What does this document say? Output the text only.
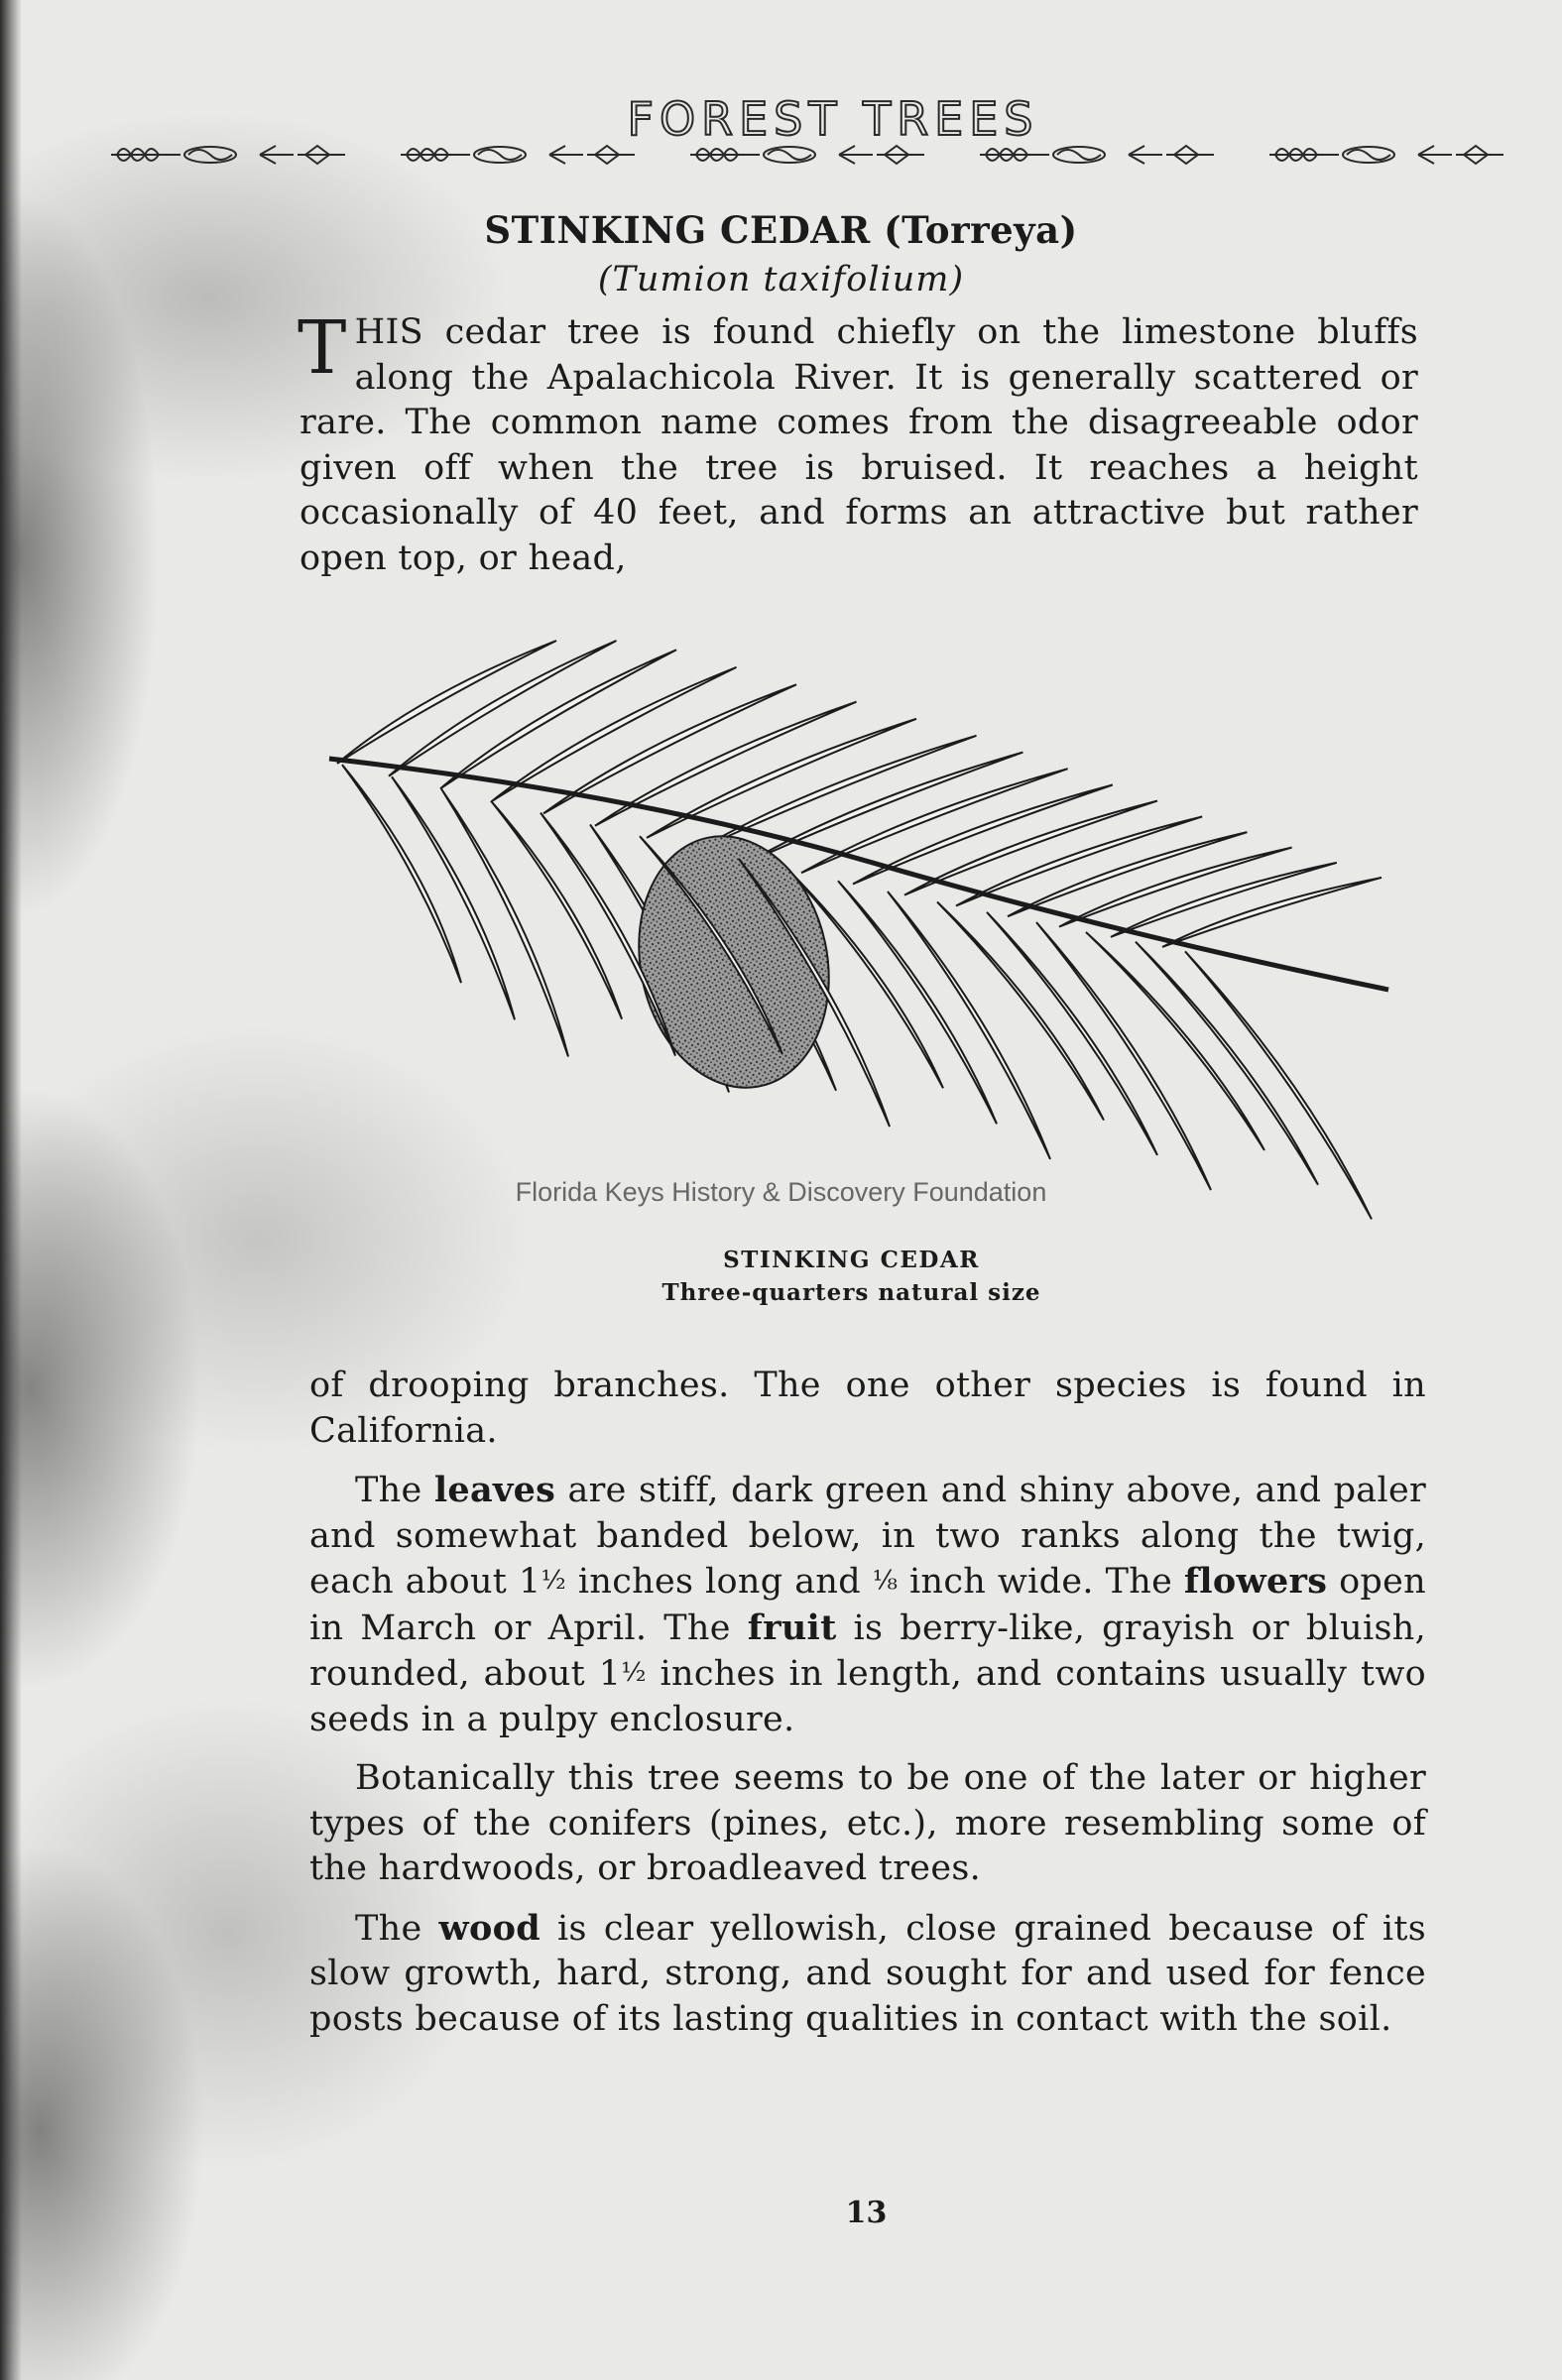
FOREST TREES
STINKING CEDAR (Torreya)
(Tumion taxifolium)
T HIS cedar tree is found chiefly on the limestone bluffs along the Apalachicola River. It is generally scattered or rare. The common name comes from the disagreeable odor given off when the tree is bruised. It reaches a height occasionally of 40 feet, and forms an attractive but rather open top, or head,
Florida Keys History & Discovery Foundation
STINKING CEDAR
Three-quarters natural size

of drooping branches. The one other species is found in California.

The leaves are stiff, dark green and shiny above, and paler and somewhat banded below, in two ranks along the twig, each about 1½ inches long and ⅛ inch wide. The flowers open in March or April. The fruit is berry-like, grayish or bluish, rounded, about 1½ inches in length, and contains usually two seeds in a pulpy enclosure.

Botanically this tree seems to be one of the later or higher types of the conifers (pines, etc.), more resembling some of the hardwoods, or broadleaved trees.

The wood is clear yellowish, close grained because of its slow growth, hard, strong, and sought for and used for fence posts because of its lasting qualities in contact with the soil.

13
